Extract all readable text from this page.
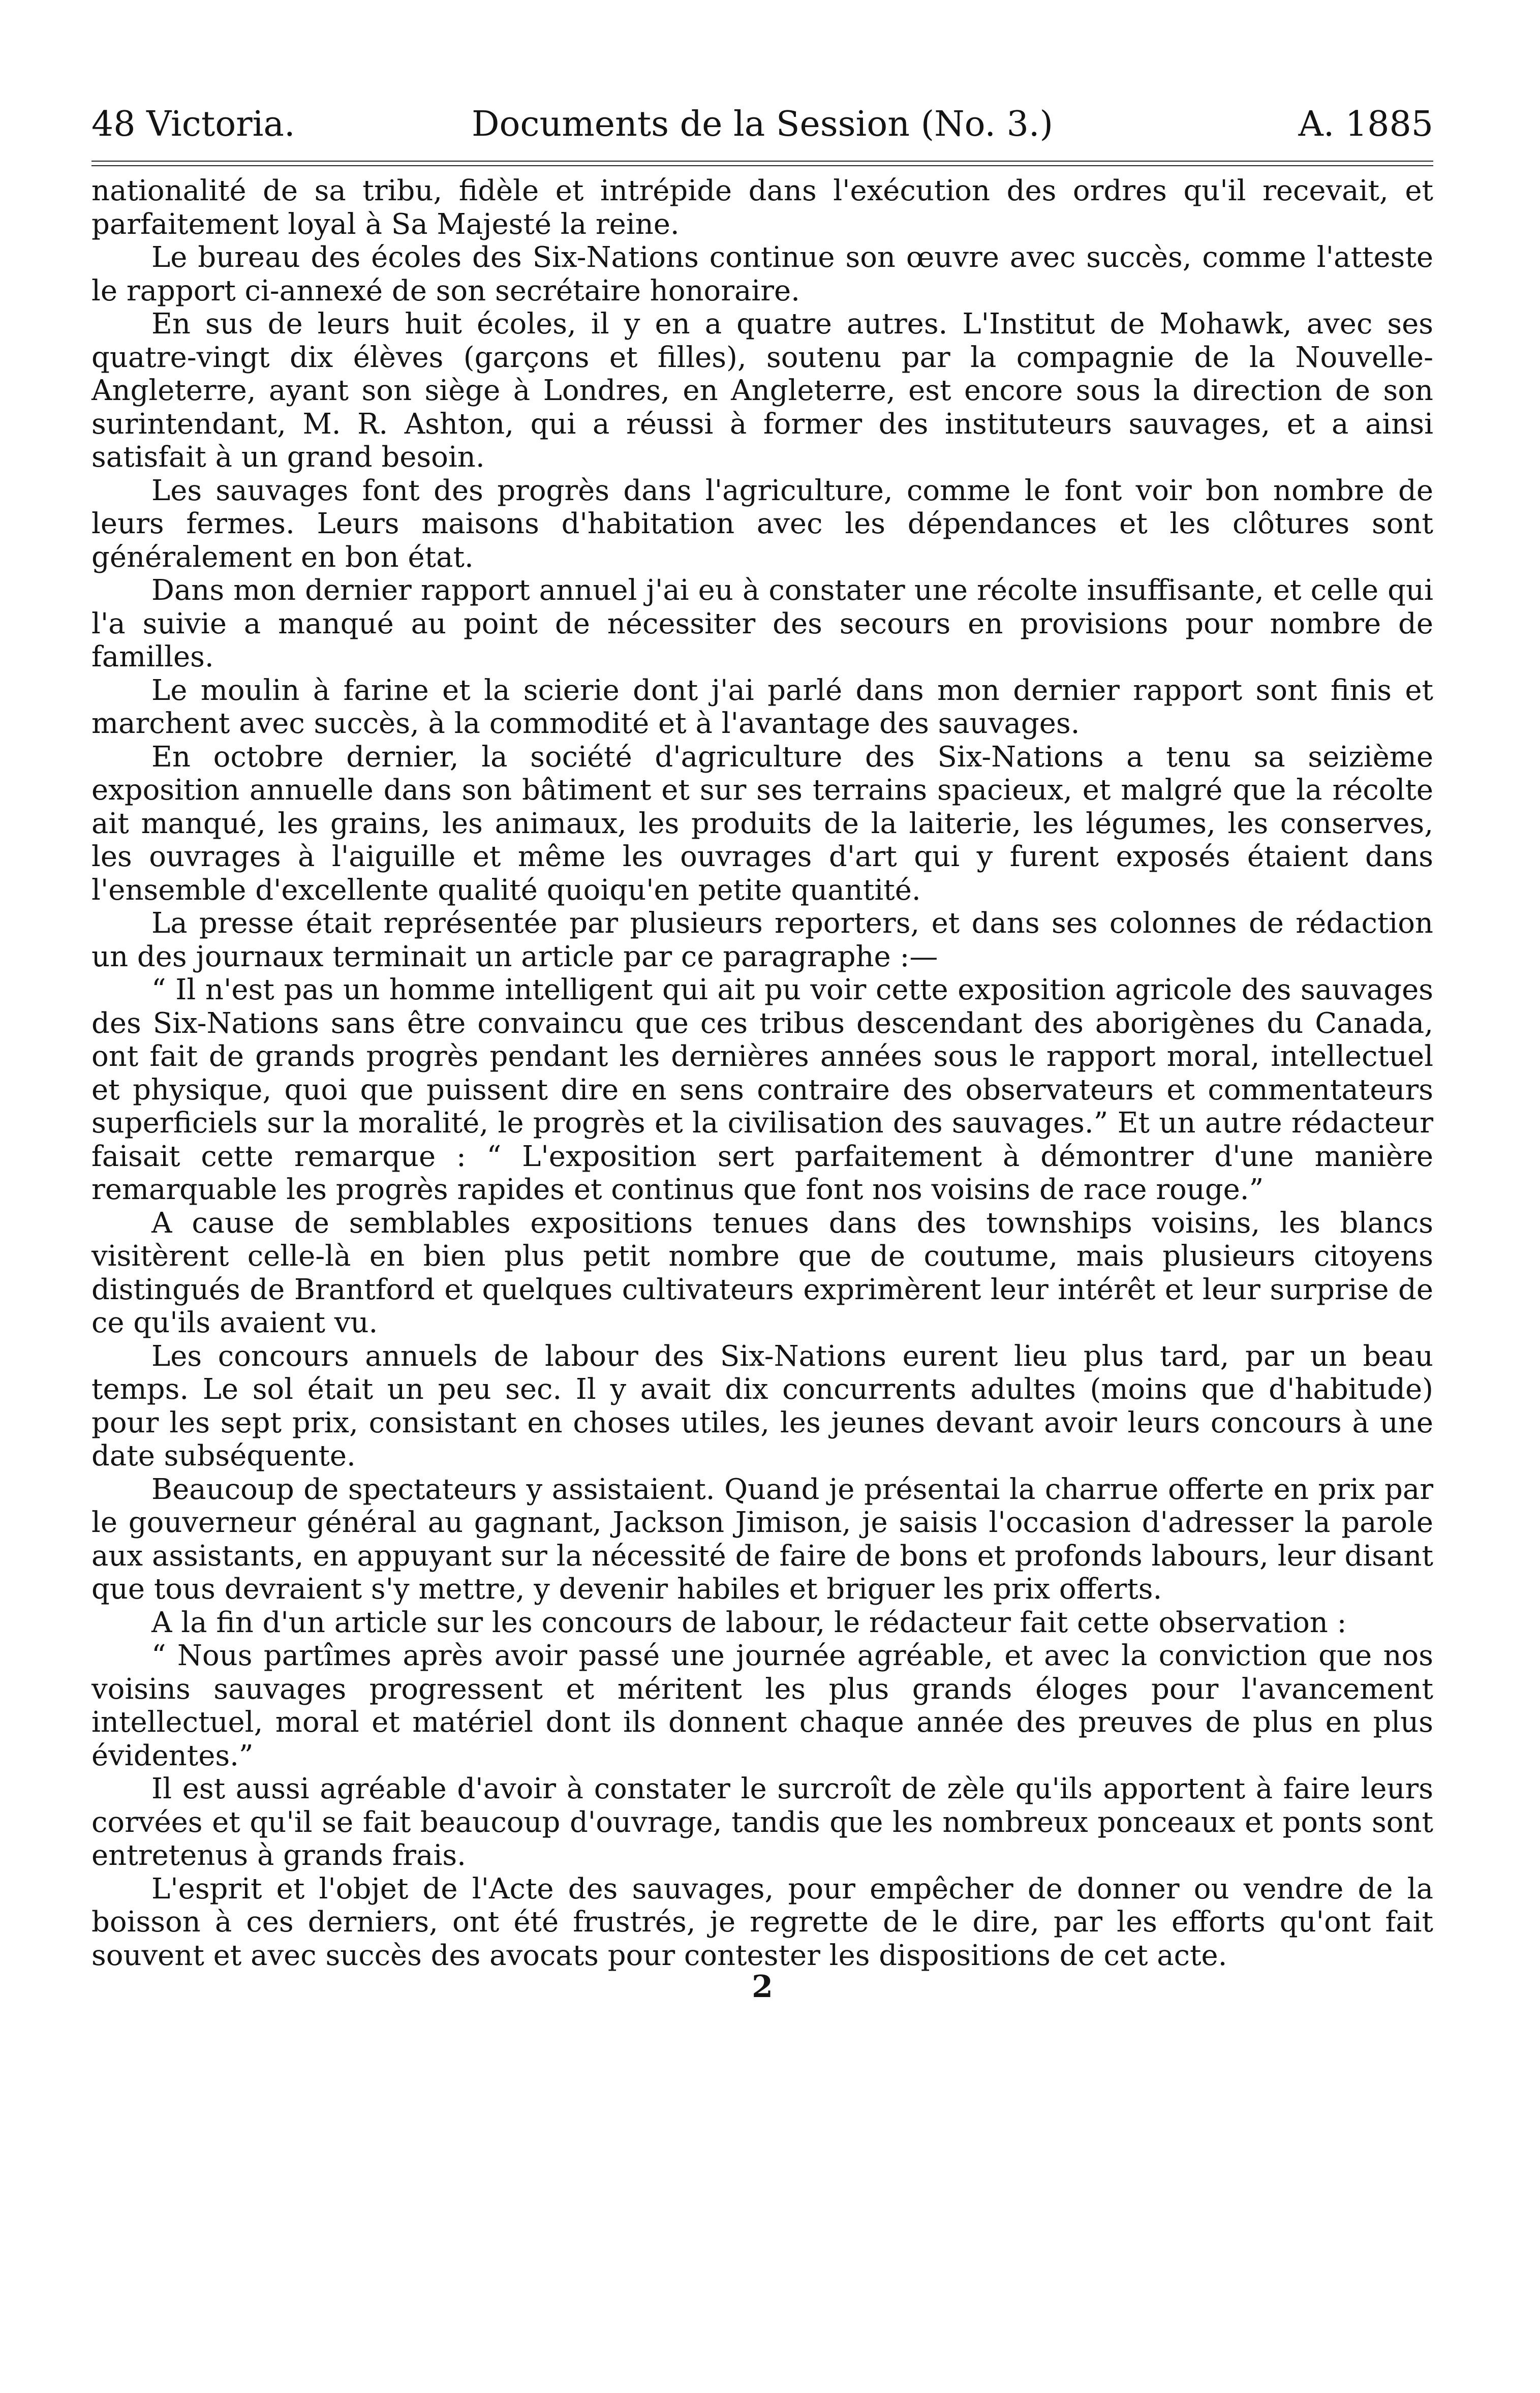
48 Victoria.	Documents de la Session (No. 3.)	A. 1885

nationalité de sa tribu, fidèle et intrépide dans l'exécution des ordres qu'il recevait, et parfaitement loyal à Sa Majesté la reine.

Le bureau des écoles des Six-Nations continue son œuvre avec succès, comme l'atteste le rapport ci-annexé de son secrétaire honoraire.

En sus de leurs huit écoles, il y en a quatre autres. L'Institut de Mohawk, avec ses quatre-vingt dix élèves (garçons et filles), soutenu par la compagnie de la Nouvelle-Angleterre, ayant son siège à Londres, en Angleterre, est encore sous la direction de son surintendant, M. R. Ashton, qui a réussi à former des instituteurs sauvages, et a ainsi satisfait à un grand besoin.

Les sauvages font des progrès dans l'agriculture, comme le font voir bon nombre de leurs fermes. Leurs maisons d'habitation avec les dépendances et les clôtures sont généralement en bon état.

Dans mon dernier rapport annuel j'ai eu à constater une récolte insuffisante, et celle qui l'a suivie a manqué au point de nécessiter des secours en provisions pour nombre de familles.

Le moulin à farine et la scierie dont j'ai parlé dans mon dernier rapport sont finis et marchent avec succès, à la commodité et à l'avantage des sauvages.

En octobre dernier, la société d'agriculture des Six-Nations a tenu sa seizième exposition annuelle dans son bâtiment et sur ses terrains spacieux, et malgré que la récolte ait manqué, les grains, les animaux, les produits de la laiterie, les légumes, les conserves, les ouvrages à l'aiguille et même les ouvrages d'art qui y furent exposés étaient dans l'ensemble d'excellente qualité quoiqu'en petite quantité.

La presse était représentée par plusieurs reporters, et dans ses colonnes de rédaction un des journaux terminait un article par ce paragraphe :—

“ Il n'est pas un homme intelligent qui ait pu voir cette exposition agricole des sauvages des Six-Nations sans être convaincu que ces tribus descendant des aborigènes du Canada, ont fait de grands progrès pendant les dernières années sous le rapport moral, intellectuel et physique, quoi que puissent dire en sens contraire des observateurs et commentateurs superficiels sur la moralité, le progrès et la civilisation des sauvages.” Et un autre rédacteur faisait cette remarque : “ L'exposition sert parfaitement à démontrer d'une manière remarquable les progrès rapides et continus que font nos voisins de race rouge.”

A cause de semblables expositions tenues dans des townships voisins, les blancs visitèrent celle-là en bien plus petit nombre que de coutume, mais plusieurs citoyens distingués de Brantford et quelques cultivateurs exprimèrent leur intérêt et leur surprise de ce qu'ils avaient vu.

Les concours annuels de labour des Six-Nations eurent lieu plus tard, par un beau temps. Le sol était un peu sec. Il y avait dix concurrents adultes (moins que d'habitude) pour les sept prix, consistant en choses utiles, les jeunes devant avoir leurs concours à une date subséquente.

Beaucoup de spectateurs y assistaient. Quand je présentai la charrue offerte en prix par le gouverneur général au gagnant, Jackson Jimison, je saisis l'occasion d'adresser la parole aux assistants, en appuyant sur la nécessité de faire de bons et profonds labours, leur disant que tous devraient s'y mettre, y devenir habiles et briguer les prix offerts.

A la fin d'un article sur les concours de labour, le rédacteur fait cette observation :

“ Nous partîmes après avoir passé une journée agréable, et avec la conviction que nos voisins sauvages progressent et méritent les plus grands éloges pour l'avancement intellectuel, moral et matériel dont ils donnent chaque année des preuves de plus en plus évidentes.”

Il est aussi agréable d'avoir à constater le surcroît de zèle qu'ils apportent à faire leurs corvées et qu'il se fait beaucoup d'ouvrage, tandis que les nombreux ponceaux et ponts sont entretenus à grands frais.

L'esprit et l'objet de l'Acte des sauvages, pour empêcher de donner ou vendre de la boisson à ces derniers, ont été frustrés, je regrette de le dire, par les efforts qu'ont fait souvent et avec succès des avocats pour contester les dispositions de cet acte.

2
